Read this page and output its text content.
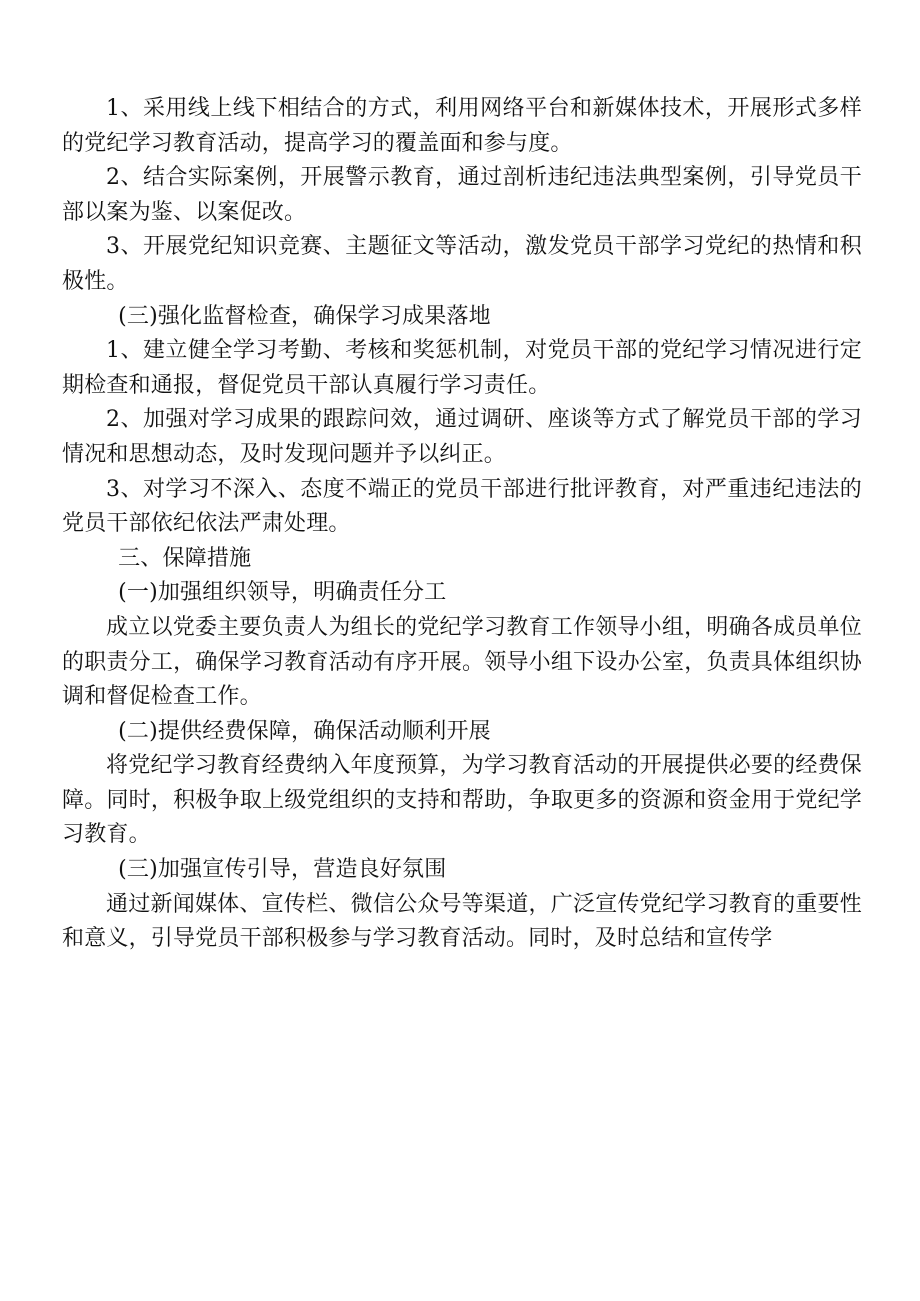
1、采用线上线下相结合的方式，利用网络平台和新媒体技术，开展形式多样的党纪学习教育活动，提高学习的覆盖面和参与度。

2、结合实际案例，开展警示教育，通过剖析违纪违法典型案例，引导党员干部以案为鉴、以案促改。

3、开展党纪知识竞赛、主题征文等活动，激发党员干部学习党纪的热情和积极性。

(三)强化监督检查，确保学习成果落地

1、建立健全学习考勤、考核和奖惩机制，对党员干部的党纪学习情况进行定期检查和通报，督促党员干部认真履行学习责任。

2、加强对学习成果的跟踪问效，通过调研、座谈等方式了解党员干部的学习情况和思想动态，及时发现问题并予以纠正。

3、对学习不深入、态度不端正的党员干部进行批评教育，对严重违纪违法的党员干部依纪依法严肃处理。

三、保障措施

(一)加强组织领导，明确责任分工

成立以党委主要负责人为组长的党纪学习教育工作领导小组，明确各成员单位的职责分工，确保学习教育活动有序开展。领导小组下设办公室，负责具体组织协调和督促检查工作。

(二)提供经费保障，确保活动顺利开展

将党纪学习教育经费纳入年度预算，为学习教育活动的开展提供必要的经费保障。同时，积极争取上级党组织的支持和帮助，争取更多的资源和资金用于党纪学习教育。

(三)加强宣传引导，营造良好氛围

通过新闻媒体、宣传栏、微信公众号等渠道，广泛宣传党纪学习教育的重要性和意义，引导党员干部积极参与学习教育活动。同时，及时总结和宣传学
